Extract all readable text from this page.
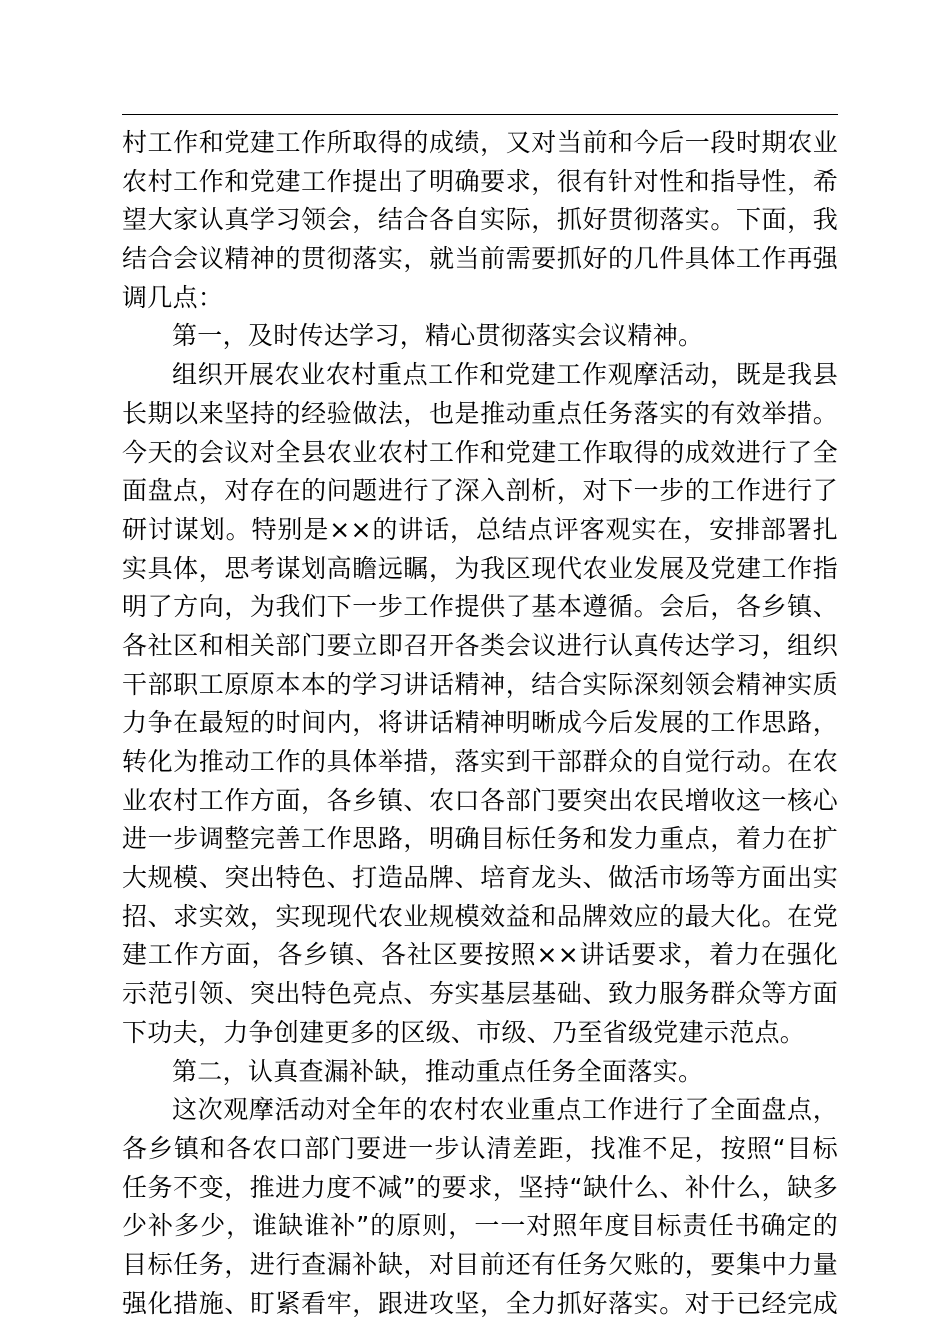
村工作和党建工作所取得的成绩，又对当前和今后一段时期农业
农村工作和党建工作提出了明确要求，很有针对性和指导性，希
望大家认真学习领会，结合各自实际，抓好贯彻落实。下面，我
结合会议精神的贯彻落实，就当前需要抓好的几件具体工作再强
调几点：
第一，及时传达学习，精心贯彻落实会议精神。
组织开展农业农村重点工作和党建工作观摩活动，既是我县
长期以来坚持的经验做法，也是推动重点任务落实的有效举措。
今天的会议对全县农业农村工作和党建工作取得的成效进行了全
面盘点，对存在的问题进行了深入剖析，对下一步的工作进行了
研讨谋划。特别是××的讲话，总结点评客观实在，安排部署扎
实具体，思考谋划高瞻远瞩，为我区现代农业发展及党建工作指
明了方向，为我们下一步工作提供了基本遵循。会后，各乡镇、
各社区和相关部门要立即召开各类会议进行认真传达学习，组织
干部职工原原本本的学习讲话精神，结合实际深刻领会精神实质
力争在最短的时间内，将讲话精神明晰成今后发展的工作思路，
转化为推动工作的具体举措，落实到干部群众的自觉行动。在农
业农村工作方面，各乡镇、农口各部门要突出农民增收这一核心
进一步调整完善工作思路，明确目标任务和发力重点，着力在扩
大规模、突出特色、打造品牌、培育龙头、做活市场等方面出实
招、求实效，实现现代农业规模效益和品牌效应的最大化。在党
建工作方面，各乡镇、各社区要按照××讲话要求，着力在强化
示范引领、突出特色亮点、夯实基层基础、致力服务群众等方面
下功夫，力争创建更多的区级、市级、乃至省级党建示范点。
第二，认真查漏补缺，推动重点任务全面落实。
这次观摩活动对全年的农村农业重点工作进行了全面盘点，
各乡镇和各农口部门要进一步认清差距，找准不足，按照“目标
任务不变，推进力度不减”的要求，坚持“缺什么、补什么，缺多
少补多少，谁缺谁补”的原则，一一对照年度目标责任书确定的
目标任务，进行查漏补缺，对目前还有任务欠账的，要集中力量
强化措施、盯紧看牢，跟进攻坚，全力抓好落实。对于已经完成
